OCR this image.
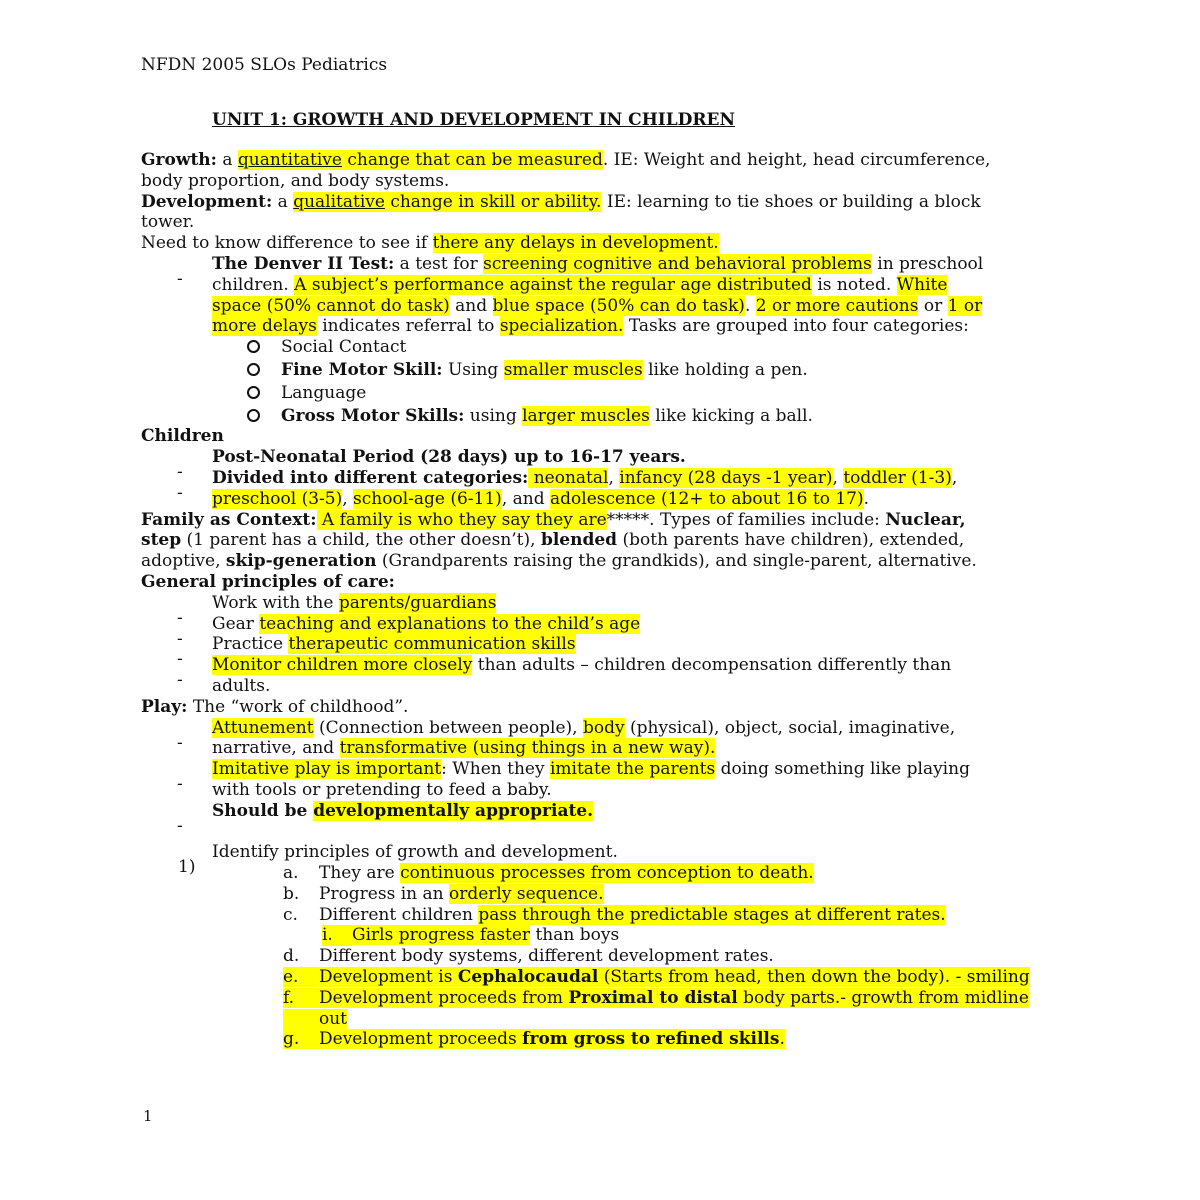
NFDN 2005 SLOs Pediatrics
UNIT 1: GROWTH AND DEVELOPMENT IN CHILDREN
Growth: a quantitative change that can be measured. IE: Weight and height, head circumference,
body proportion, and body systems.
Development: a qualitative change in skill or ability. IE: learning to tie shoes or building a block
tower.
Need to know difference to see if there any delays in development.
-
The Denver II Test: a test for screening cognitive and behavioral problems in preschool
children. A subject’s performance against the regular age distributed is noted. White
space (50% cannot do task) and blue space (50% can do task). 2 or more cautions or 1 or
more delays indicates referral to specialization. Tasks are grouped into four categories:
Social Contact
Fine Motor Skill: Using smaller muscles like holding a pen.
Language
Gross Motor Skills: using larger muscles like kicking a ball.
Children
-
Post-Neonatal Period (28 days) up to 16-17 years.
-
Divided into different categories: neonatal, infancy (28 days -1 year), toddler (1-3),
preschool (3-5), school-age (6-11), and adolescence (12+ to about 16 to 17).
Family as Context: A family is who they say they are*****. Types of families include: Nuclear,
step (1 parent has a child, the other doesn’t), blended (both parents have children), extended,
adoptive, skip-generation (Grandparents raising the grandkids), and single-parent, alternative.
General principles of care:
-
Work with the parents/guardians
-
Gear teaching and explanations to the child’s age
-
Practice therapeutic communication skills
-
Monitor children more closely than adults – children decompensation differently than
adults.
Play: The “work of childhood”.
-
Attunement (Connection between people), body (physical), object, social, imaginative,
narrative, and transformative (using things in a new way).
-
Imitative play is important: When they imitate the parents doing something like playing
with tools or pretending to feed a baby.
-
Should be developmentally appropriate.
1)
Identify principles of growth and development.
a. They are continuous processes from conception to death.
b. Progress in an orderly sequence.
c. Different children pass through the predictable stages at different rates.
i. Girls progress faster than boys
d. Different body systems, different development rates.
e. Development is Cephalocaudal (Starts from head, then down the body). - smiling
f. Development proceeds from Proximal to distal body parts.- growth from midline
out
g. Development proceeds from gross to refined skills.
1
